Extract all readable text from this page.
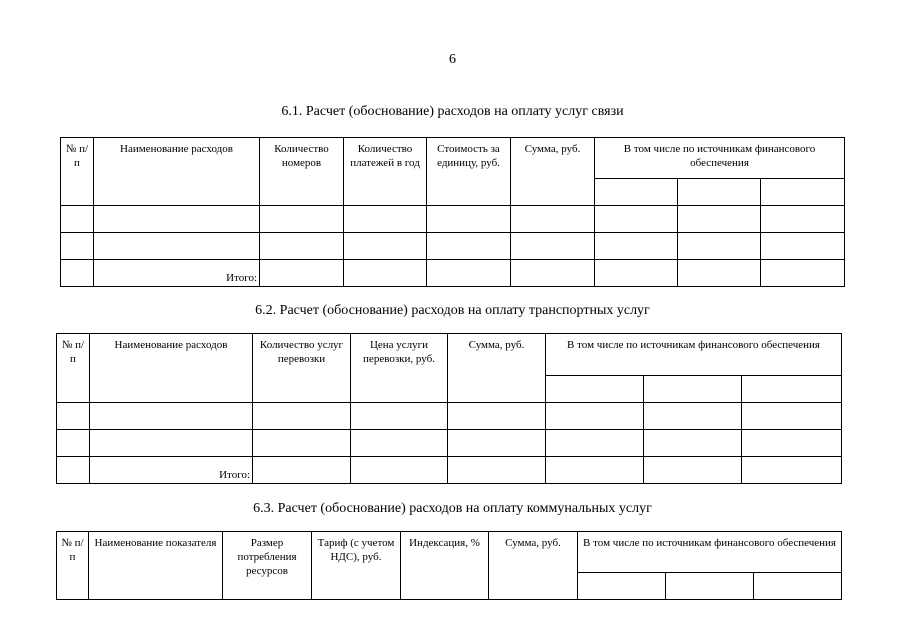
6
6.1. Расчет (обоснование) расходов на оплату услуг связи
№ п/п	Наименование расходов	Количество номеров	Количество платежей в год	Стоимость за единицу, руб.	Сумма, руб.	В том числе по источникам финансового обеспечения		

	Итого:							
6.2. Расчет (обоснование) расходов на оплату транспортных услуг
№ п/п	Наименование расходов	Количество услуг перевозки	Цена услуги перевозки, руб.	Сумма, руб.	В том числе по источникам финансового обеспечения		

	Итого:						
6.3. Расчет (обоснование) расходов на оплату коммунальных услуг
№ п/п	Наименование показателя	Размер потребления ресурсов	Тариф (с учетом НДС), руб.	Индексация, %	Сумма, руб.	В том числе по источникам финансового обеспечения		
